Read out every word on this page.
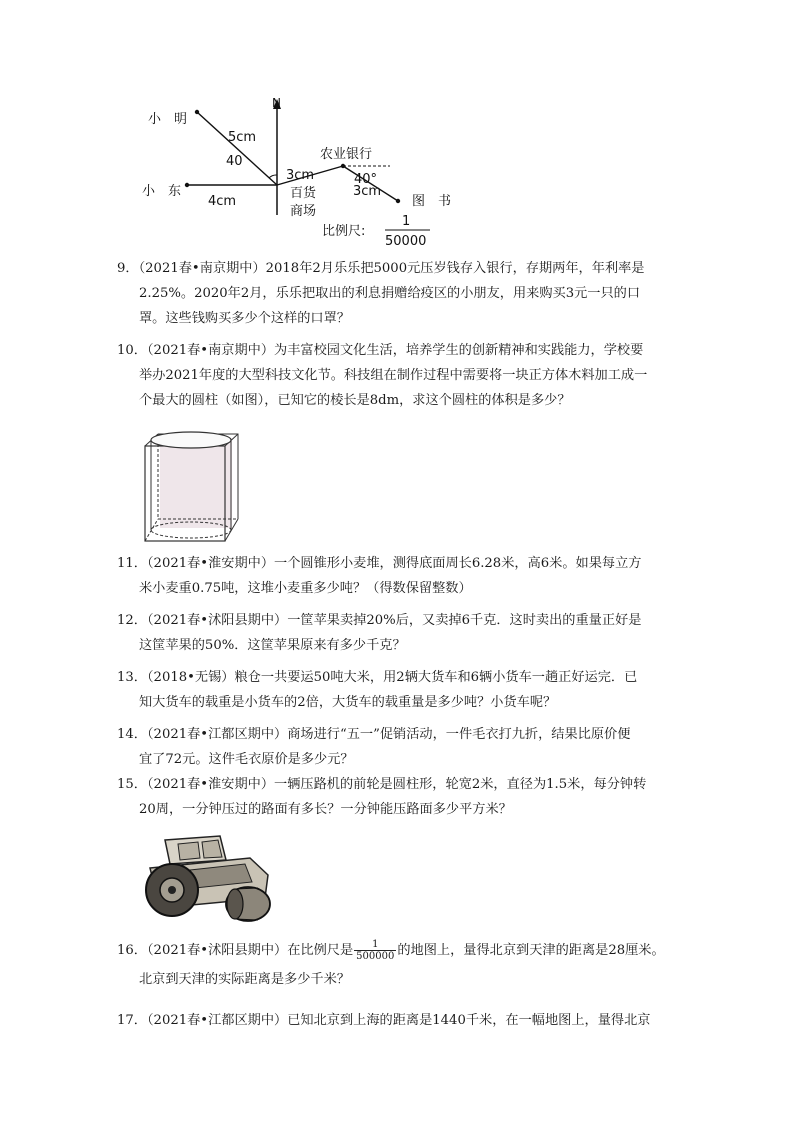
N
小　明
5cm
40
小　东
4cm
3cm
农业银行
40°
3cm
图　书
百货
商场
比例尺:
1
50000
9．（2021春•南京期中）2018年2月乐乐把5000元压岁钱存入银行，存期两年，年利率是
2.25%。2020年2月，乐乐把取出的利息捐赠给疫区的小朋友，用来购买3元一只的口
罩。这些钱购买多少个这样的口罩？
10．（2021春•南京期中）为丰富校园文化生活，培养学生的创新精神和实践能力，学校要
举办2021年度的大型科技文化节。科技组在制作过程中需要将一块正方体木料加工成一
个最大的圆柱（如图），已知它的棱长是8dm，求这个圆柱的体积是多少？
11．（2021春•淮安期中）一个圆锥形小麦堆，测得底面周长6.28米，高6米。如果每立方
米小麦重0.75吨，这堆小麦重多少吨？（得数保留整数）
12．（2021春•沭阳县期中）一筐苹果卖掉20%后，又卖掉6千克．这时卖出的重量正好是
这筐苹果的50%．这筐苹果原来有多少千克？
13．（2018•无锡）粮仓一共要运50吨大米，用2辆大货车和6辆小货车一趟正好运完．已
知大货车的载重是小货车的2倍，大货车的载重量是多少吨？小货车呢？
14．（2021春•江都区期中）商场进行“五一”促销活动，一件毛衣打九折，结果比原价便
宜了72元。这件毛衣原价是多少元？
15．（2021春•淮安期中）一辆压路机的前轮是圆柱形，轮宽2米，直径为1.5米，每分钟转
20周，一分钟压过的路面有多长？一分钟能压路面多少平方米？
16．（2021春•沭阳县期中）在比例尺是 $\frac{1}{500000}$ 的地图上，量得北京到天津的距离是28厘米。
北京到天津的实际距离是多少千米？
17．（2021春•江都区期中）已知北京到上海的距离是1440千米，在一幅地图上，量得北京
